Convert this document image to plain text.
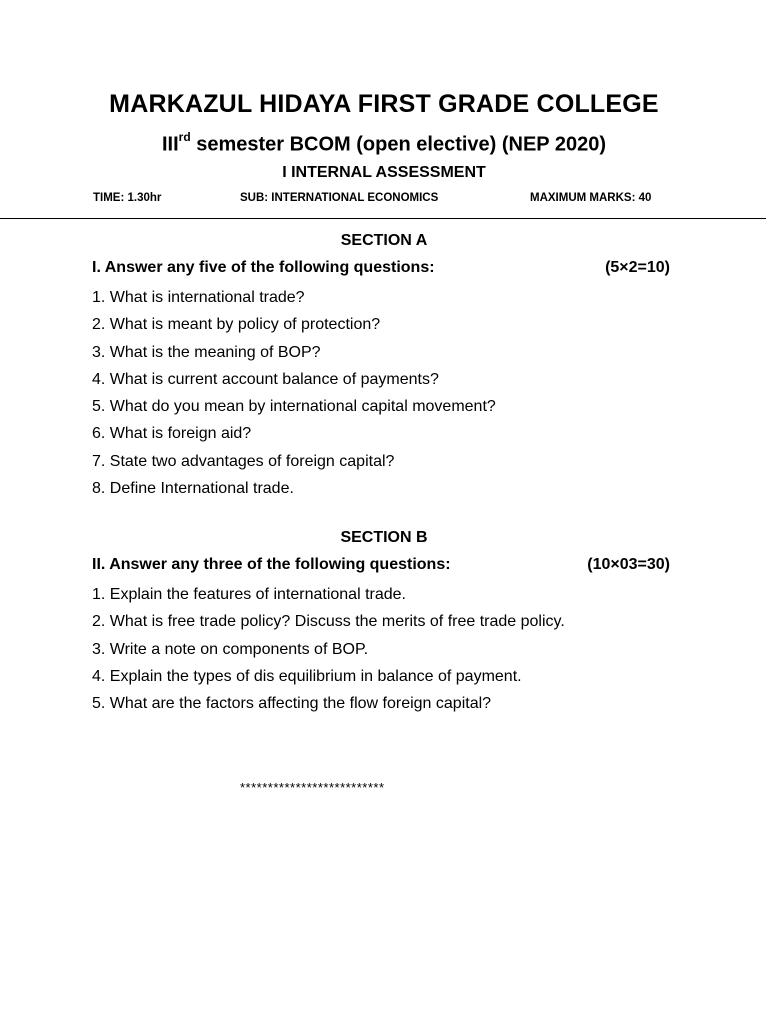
MARKAZUL HIDAYA FIRST GRADE COLLEGE
IIIrd semester BCOM (open elective) (NEP 2020)
I INTERNAL ASSESSMENT
TIME: 1.30hr	SUB: INTERNATIONAL ECONOMICS	MAXIMUM MARKS: 40
SECTION A
I. Answer any five of the following questions:	(5×2=10)
1. What is international trade?
2. What is meant by policy of protection?
3. What is the meaning of BOP?
4. What is current account balance of payments?
5. What do you mean by international capital movement?
6. What is foreign aid?
7. State two advantages of foreign capital?
8. Define International trade.
SECTION B
II. Answer any three of the following questions:	(10×03=30)
1. Explain the features of international trade.
2. What is free trade policy? Discuss the merits of free trade policy.
3. Write a note on components of BOP.
4. Explain the types of dis equilibrium in balance of payment.
5. What are the factors affecting the flow foreign capital?
**************************
